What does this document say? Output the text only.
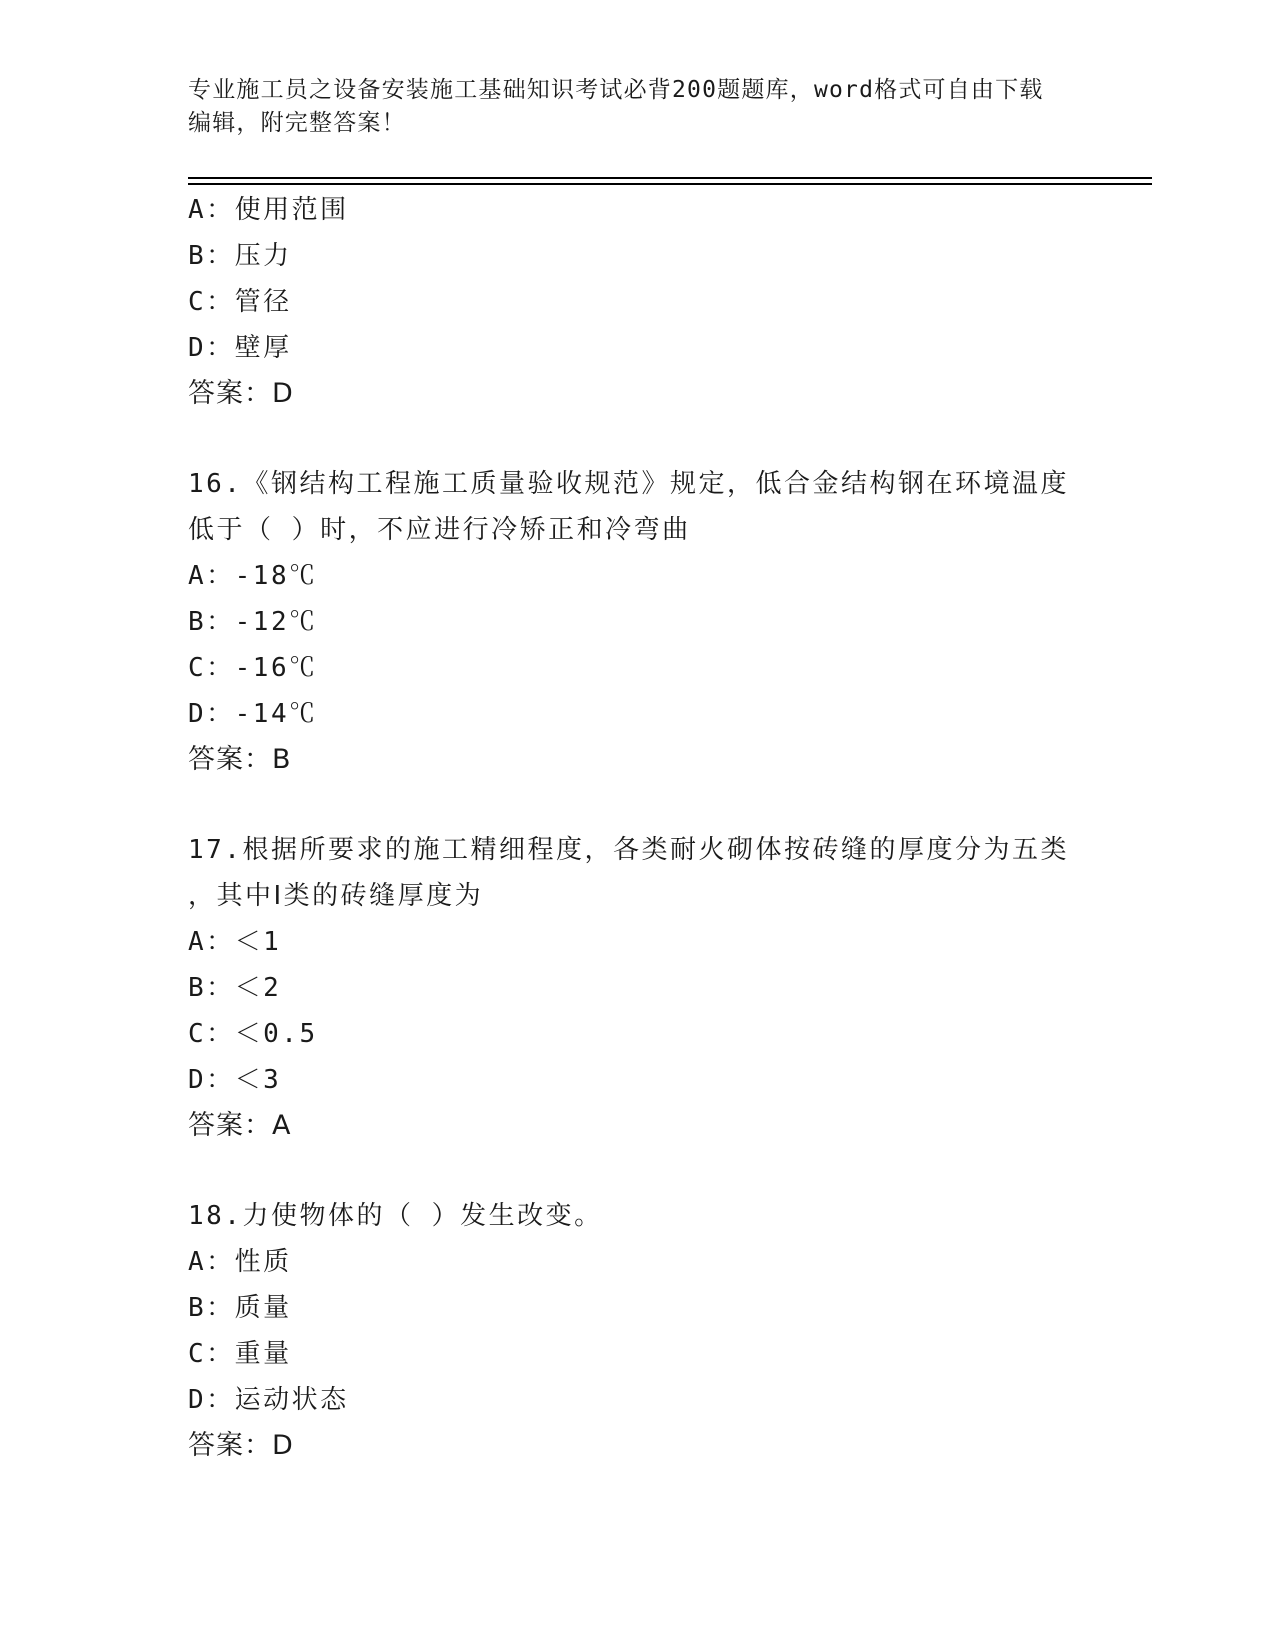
专业施工员之设备安装施工基础知识考试必背200题题库，word格式可自由下载
编辑，附完整答案！
A：使用范围
B：压力
C：管径
D：壁厚
答案：D
16.《钢结构工程施工质量验收规范》规定，低合金结构钢在环境温度
低于（ ）时，不应进行冷矫正和冷弯曲
A：-18℃
B：-12℃
C：-16℃
D：-14℃
答案：B
17.根据所要求的施工精细程度，各类耐火砌体按砖缝的厚度分为五类
，其中Ⅰ类的砖缝厚度为
A：＜1
B：＜2
C：＜0.5
D：＜3
答案：A
18.力使物体的（ ）发生改变。
A：性质
B：质量
C：重量
D：运动状态
答案：D
